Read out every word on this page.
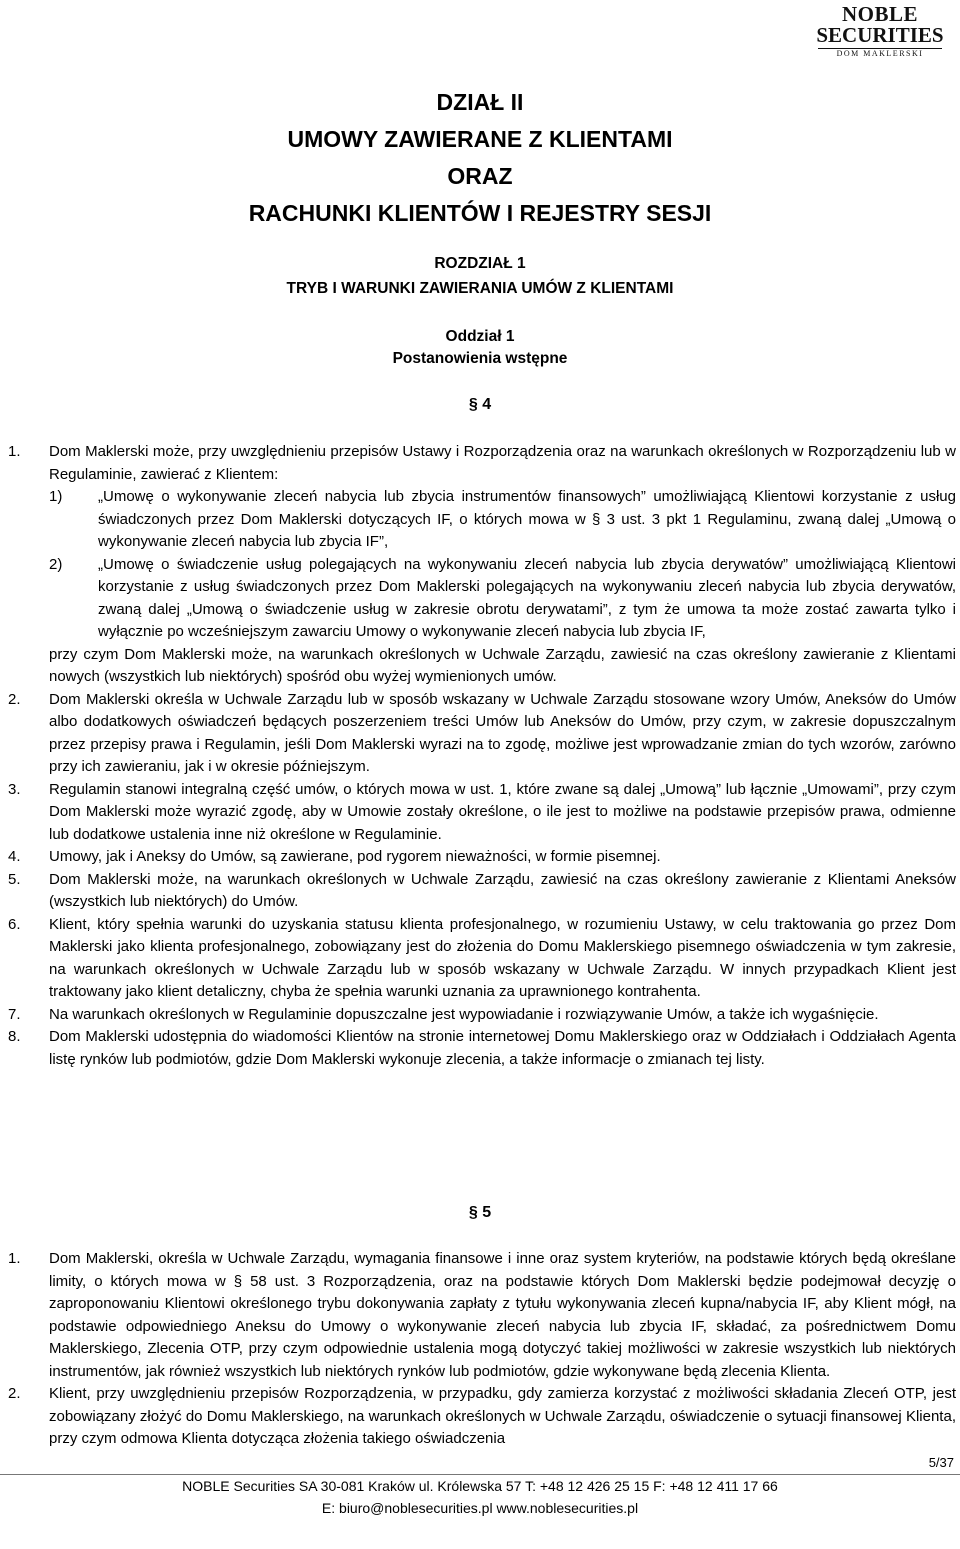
NOBLE
SECURITIES
DOM MAKLERSKI
DZIAŁ II
UMOWY ZAWIERANE Z KLIENTAMI
ORAZ
RACHUNKI KLIENTÓW I REJESTRY SESJI
ROZDZIAŁ 1
TRYB I WARUNKI ZAWIERANIA UMÓW Z KLIENTAMI
Oddział 1
Postanowienia wstępne
§ 4
1. Dom Maklerski może, przy uwzględnieniu przepisów Ustawy i Rozporządzenia oraz na warunkach określonych w Rozporządzeniu lub w Regulaminie, zawierać z Klientem:

1) „Umowę o wykonywanie zleceń nabycia lub zbycia instrumentów finansowych” umożliwiającą Klientowi korzystanie z usług świadczonych przez Dom Maklerski dotyczących IF, o których mowa w § 3 ust. 3 pkt 1 Regulaminu, zwaną dalej „Umową o wykonywanie zleceń nabycia lub zbycia IF”,

2) „Umowę o świadczenie usług polegających na wykonywaniu zleceń nabycia lub zbycia derywatów” umożliwiającą Klientowi korzystanie z usług świadczonych przez Dom Maklerski polegających na wykonywaniu zleceń nabycia lub zbycia derywatów, zwaną dalej „Umową o świadczenie usług w zakresie obrotu derywatami”, z tym że umowa ta może zostać zawarta tylko i wyłącznie po wcześniejszym zawarciu Umowy o wykonywanie zleceń nabycia lub zbycia IF,

przy czym Dom Maklerski może, na warunkach określonych w Uchwale Zarządu, zawiesić na czas określony zawieranie z Klientami nowych (wszystkich lub niektórych) spośród obu wyżej wymienionych umów.

2. Dom Maklerski określa w Uchwale Zarządu lub w sposób wskazany w Uchwale Zarządu stosowane wzory Umów, Aneksów do Umów albo dodatkowych oświadczeń będących poszerzeniem treści Umów lub Aneksów do Umów, przy czym, w zakresie dopuszczalnym przez przepisy prawa i Regulamin, jeśli Dom Maklerski wyrazi na to zgodę, możliwe jest wprowadzanie zmian do tych wzorów, zarówno przy ich zawieraniu, jak i w okresie późniejszym.

3. Regulamin stanowi integralną część umów, o których mowa w ust. 1, które zwane są dalej „Umową” lub łącznie „Umowami”, przy czym Dom Maklerski może wyrazić zgodę, aby w Umowie zostały określone, o ile jest to możliwe na podstawie przepisów prawa, odmienne lub dodatkowe ustalenia inne niż określone w Regulaminie.

4. Umowy, jak i Aneksy do Umów, są zawierane, pod rygorem nieważności, w formie pisemnej.

5. Dom Maklerski może, na warunkach określonych w Uchwale Zarządu, zawiesić na czas określony zawieranie z Klientami Aneksów (wszystkich lub niektórych) do Umów.

6. Klient, który spełnia warunki do uzyskania statusu klienta profesjonalnego, w rozumieniu Ustawy, w celu traktowania go przez Dom Maklerski jako klienta profesjonalnego, zobowiązany jest do złożenia do Domu Maklerskiego pisemnego oświadczenia w tym zakresie, na warunkach określonych w Uchwale Zarządu lub w sposób wskazany w Uchwale Zarządu. W innych przypadkach Klient jest traktowany jako klient detaliczny, chyba że spełnia warunki uznania za uprawnionego kontrahenta.

7. Na warunkach określonych w Regulaminie dopuszczalne jest wypowiadanie i rozwiązywanie Umów, a także ich wygaśnięcie.

8. Dom Maklerski udostępnia do wiadomości Klientów na stronie internetowej Domu Maklerskiego oraz w Oddziałach i Oddziałach Agenta listę rynków lub podmiotów, gdzie Dom Maklerski wykonuje zlecenia, a także informacje o zmianach tej listy.

§ 5
1. Dom Maklerski, określa w Uchwale Zarządu, wymagania finansowe i inne oraz system kryteriów, na podstawie których będą określane limity, o których mowa w § 58 ust. 3 Rozporządzenia, oraz na podstawie których Dom Maklerski będzie podejmował decyzję o zaproponowaniu Klientowi określonego trybu dokonywania zapłaty z tytułu wykonywania zleceń kupna/nabycia IF, aby Klient mógł, na podstawie odpowiedniego Aneksu do Umowy o wykonywanie zleceń nabycia lub zbycia IF, składać, za pośrednictwem Domu Maklerskiego, Zlecenia OTP, przy czym odpowiednie ustalenia mogą dotyczyć takiej możliwości w zakresie wszystkich lub niektórych instrumentów, jak również wszystkich lub niektórych rynków lub podmiotów, gdzie wykonywane będą zlecenia Klienta.

2. Klient, przy uwzględnieniu przepisów Rozporządzenia, w przypadku, gdy zamierza korzystać z możliwości składania Zleceń OTP, jest zobowiązany złożyć do Domu Maklerskiego, na warunkach określonych w Uchwale Zarządu, oświadczenie o sytuacji finansowej Klienta, przy czym odmowa Klienta dotycząca złożenia takiego oświadczenia

5/37
NOBLE Securities SA 30-081 Kraków ul. Królewska 57 T: +48 12 426 25 15 F: +48 12 411 17 66
E: biuro@noblesecurities.pl www.noblesecurities.pl
